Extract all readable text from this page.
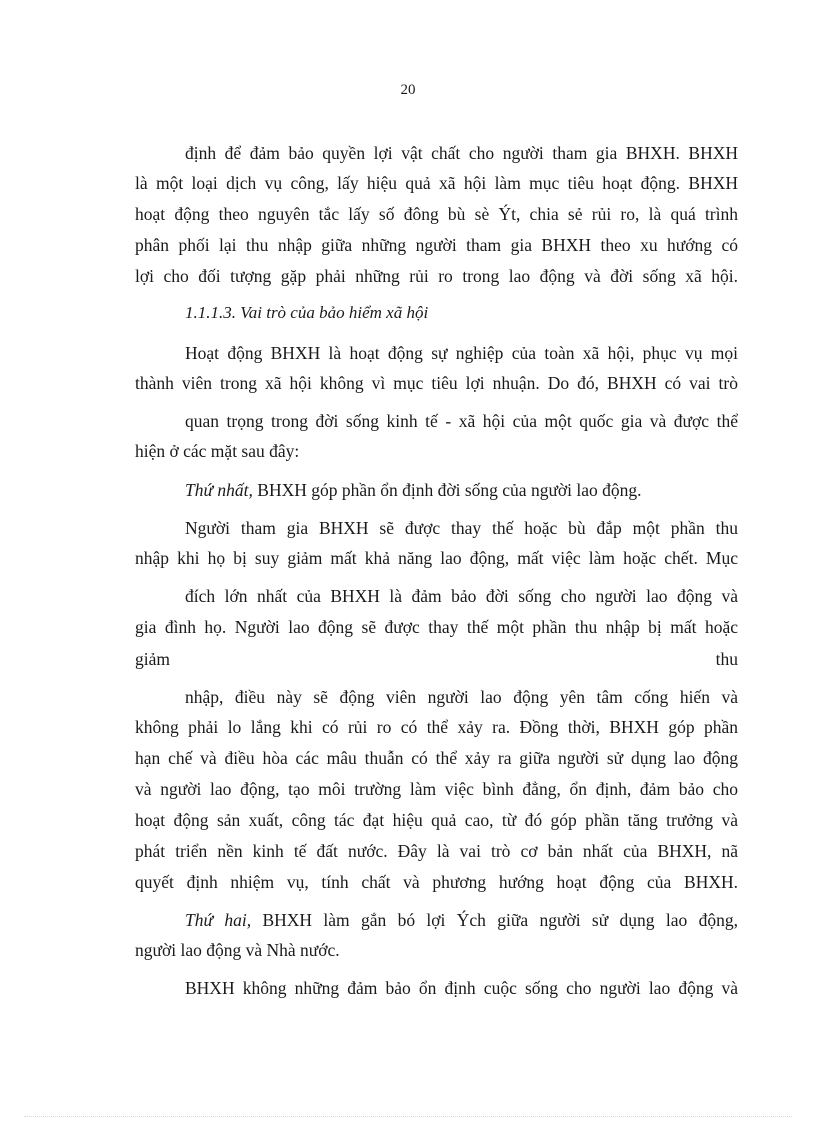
20
định để đảm bảo quyền lợi vật chất cho người tham gia BHXH. BHXH
là một loại dịch vụ công, lấy hiệu quả xã hội làm mục tiêu hoạt động. BHXH
hoạt động theo nguyên tắc lấy số đông bù sè Ýt, chia sẻ rủi ro, là quá trình
phân phối lại thu nhập giữa những người tham gia BHXH theo xu hướng có
lợi cho đối tượng gặp phải những rủi ro trong lao động và đời sống xã hội.
1.1.1.3. Vai trò của bảo hiểm xã hội
Hoạt động BHXH là hoạt động sự nghiệp của toàn xã hội, phục vụ mọi
thành viên trong xã hội không vì mục tiêu lợi nhuận. Do đó, BHXH có vai trò
quan trọng trong đời sống kinh tế - xã hội của một quốc gia và được thể
hiện ở các mặt sau đây:
Thứ nhất, BHXH góp phần ổn định đời sống của người lao động.
Người tham gia BHXH sẽ được thay thế hoặc bù đắp một phần thu
nhập khi họ bị suy giảm mất khả năng lao động, mất việc làm hoặc chết. Mục
đích lớn nhất của BHXH là đảm bảo đời sống cho người lao động và
gia đình họ. Người lao động sẽ được thay thế một phần thu nhập bị mất hoặc
giảm	thu
nhập, điều này sẽ động viên người lao động yên tâm cống hiến và
không phải lo lắng khi có rủi ro có thể xảy ra. Đồng thời, BHXH góp phần
hạn chế và điều hòa các mâu thuẫn có thể xảy ra giữa người sử dụng lao động
và người lao động, tạo môi trường làm việc bình đẳng, ổn định, đảm bảo cho
hoạt động sản xuất, công tác đạt hiệu quả cao, từ đó góp phần tăng trưởng và
phát triển nền kinh tế đất nước. Đây là vai trò cơ bản nhất của BHXH, nã
quyết định nhiệm vụ, tính chất và phương hướng hoạt động của BHXH.
Thứ hai, BHXH làm gắn bó lợi Ých giữa người sử dụng lao động,
người lao động và Nhà nước.
BHXH không những đảm bảo ổn định cuộc sống cho người lao động và
